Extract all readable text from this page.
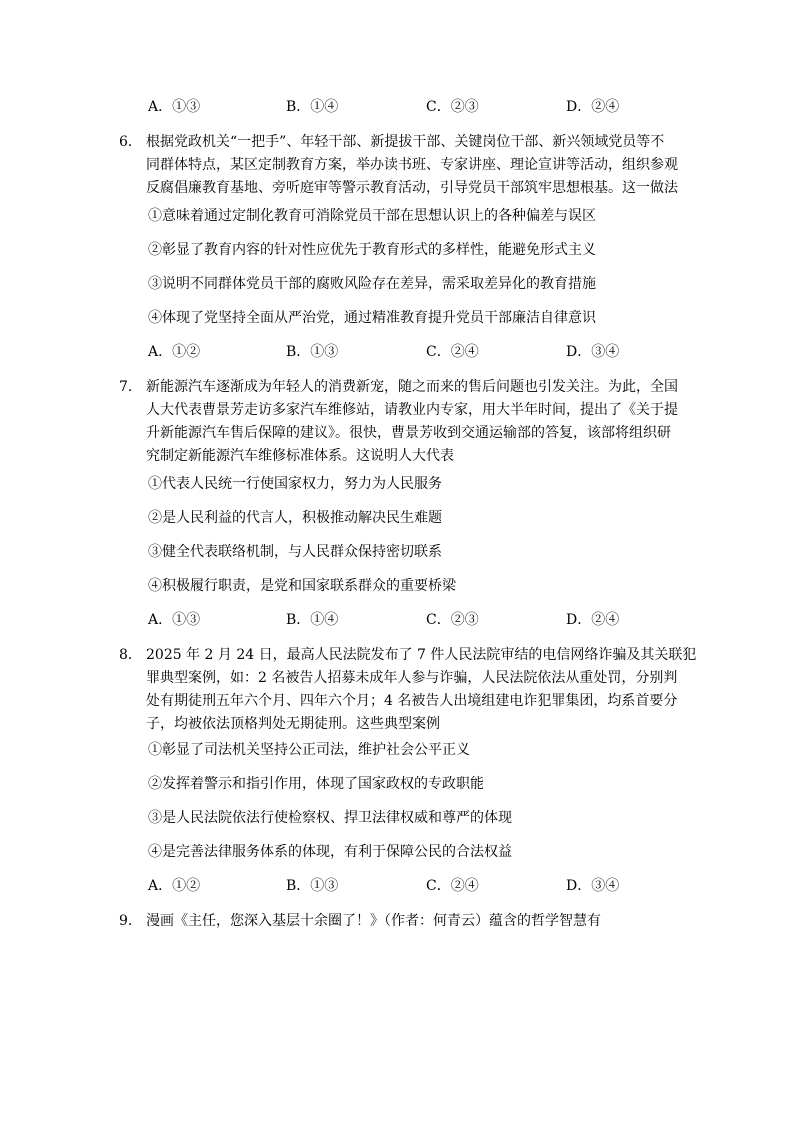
A．①③	B．①④	C．②③	D．②④
6． 根据党政机关“一把手”、年轻干部、新提拔干部、关键岗位干部、新兴领域党员等不
同群体特点，某区定制教育方案，举办读书班、专家讲座、理论宣讲等活动，组织参观
反腐倡廉教育基地、旁听庭审等警示教育活动，引导党员干部筑牢思想根基。这一做法
①意味着通过定制化教育可消除党员干部在思想认识上的各种偏差与误区
②彰显了教育内容的针对性应优先于教育形式的多样性，能避免形式主义
③说明不同群体党员干部的腐败风险存在差异，需采取差异化的教育措施
④体现了党坚持全面从严治党，通过精准教育提升党员干部廉洁自律意识
A．①②	B．①③	C．②④	D．③④
7． 新能源汽车逐渐成为年轻人的消费新宠，随之而来的售后问题也引发关注。为此，全国
人大代表曹景芳走访多家汽车维修站，请教业内专家，用大半年时间，提出了《关于提
升新能源汽车售后保障的建议》。很快，曹景芳收到交通运输部的答复，该部将组织研
究制定新能源汽车维修标准体系。这说明人大代表
①代表人民统一行使国家权力，努力为人民服务
②是人民利益的代言人，积极推动解决民生难题
③健全代表联络机制，与人民群众保持密切联系
④积极履行职责，是党和国家联系群众的重要桥梁
A．①③	B．①④	C．②③	D．②④
8． 2025 年 2 月 24 日，最高人民法院发布了 7 件人民法院审结的电信网络诈骗及其关联犯
罪典型案例，如：2 名被告人招募未成年人参与诈骗，人民法院依法从重处罚，分别判
处有期徒刑五年六个月、四年六个月；4 名被告人出境组建电诈犯罪集团，均系首要分
子，均被依法顶格判处无期徒刑。这些典型案例
①彰显了司法机关坚持公正司法，维护社会公平正义
②发挥着警示和指引作用，体现了国家政权的专政职能
③是人民法院依法行使检察权、捍卫法律权威和尊严的体现
④是完善法律服务体系的体现，有利于保障公民的合法权益
A．①②	B．①③	C．②④	D．③④
9． 漫画《主任，您深入基层十余圈了！》（作者：何青云）蕴含的哲学智慧有
